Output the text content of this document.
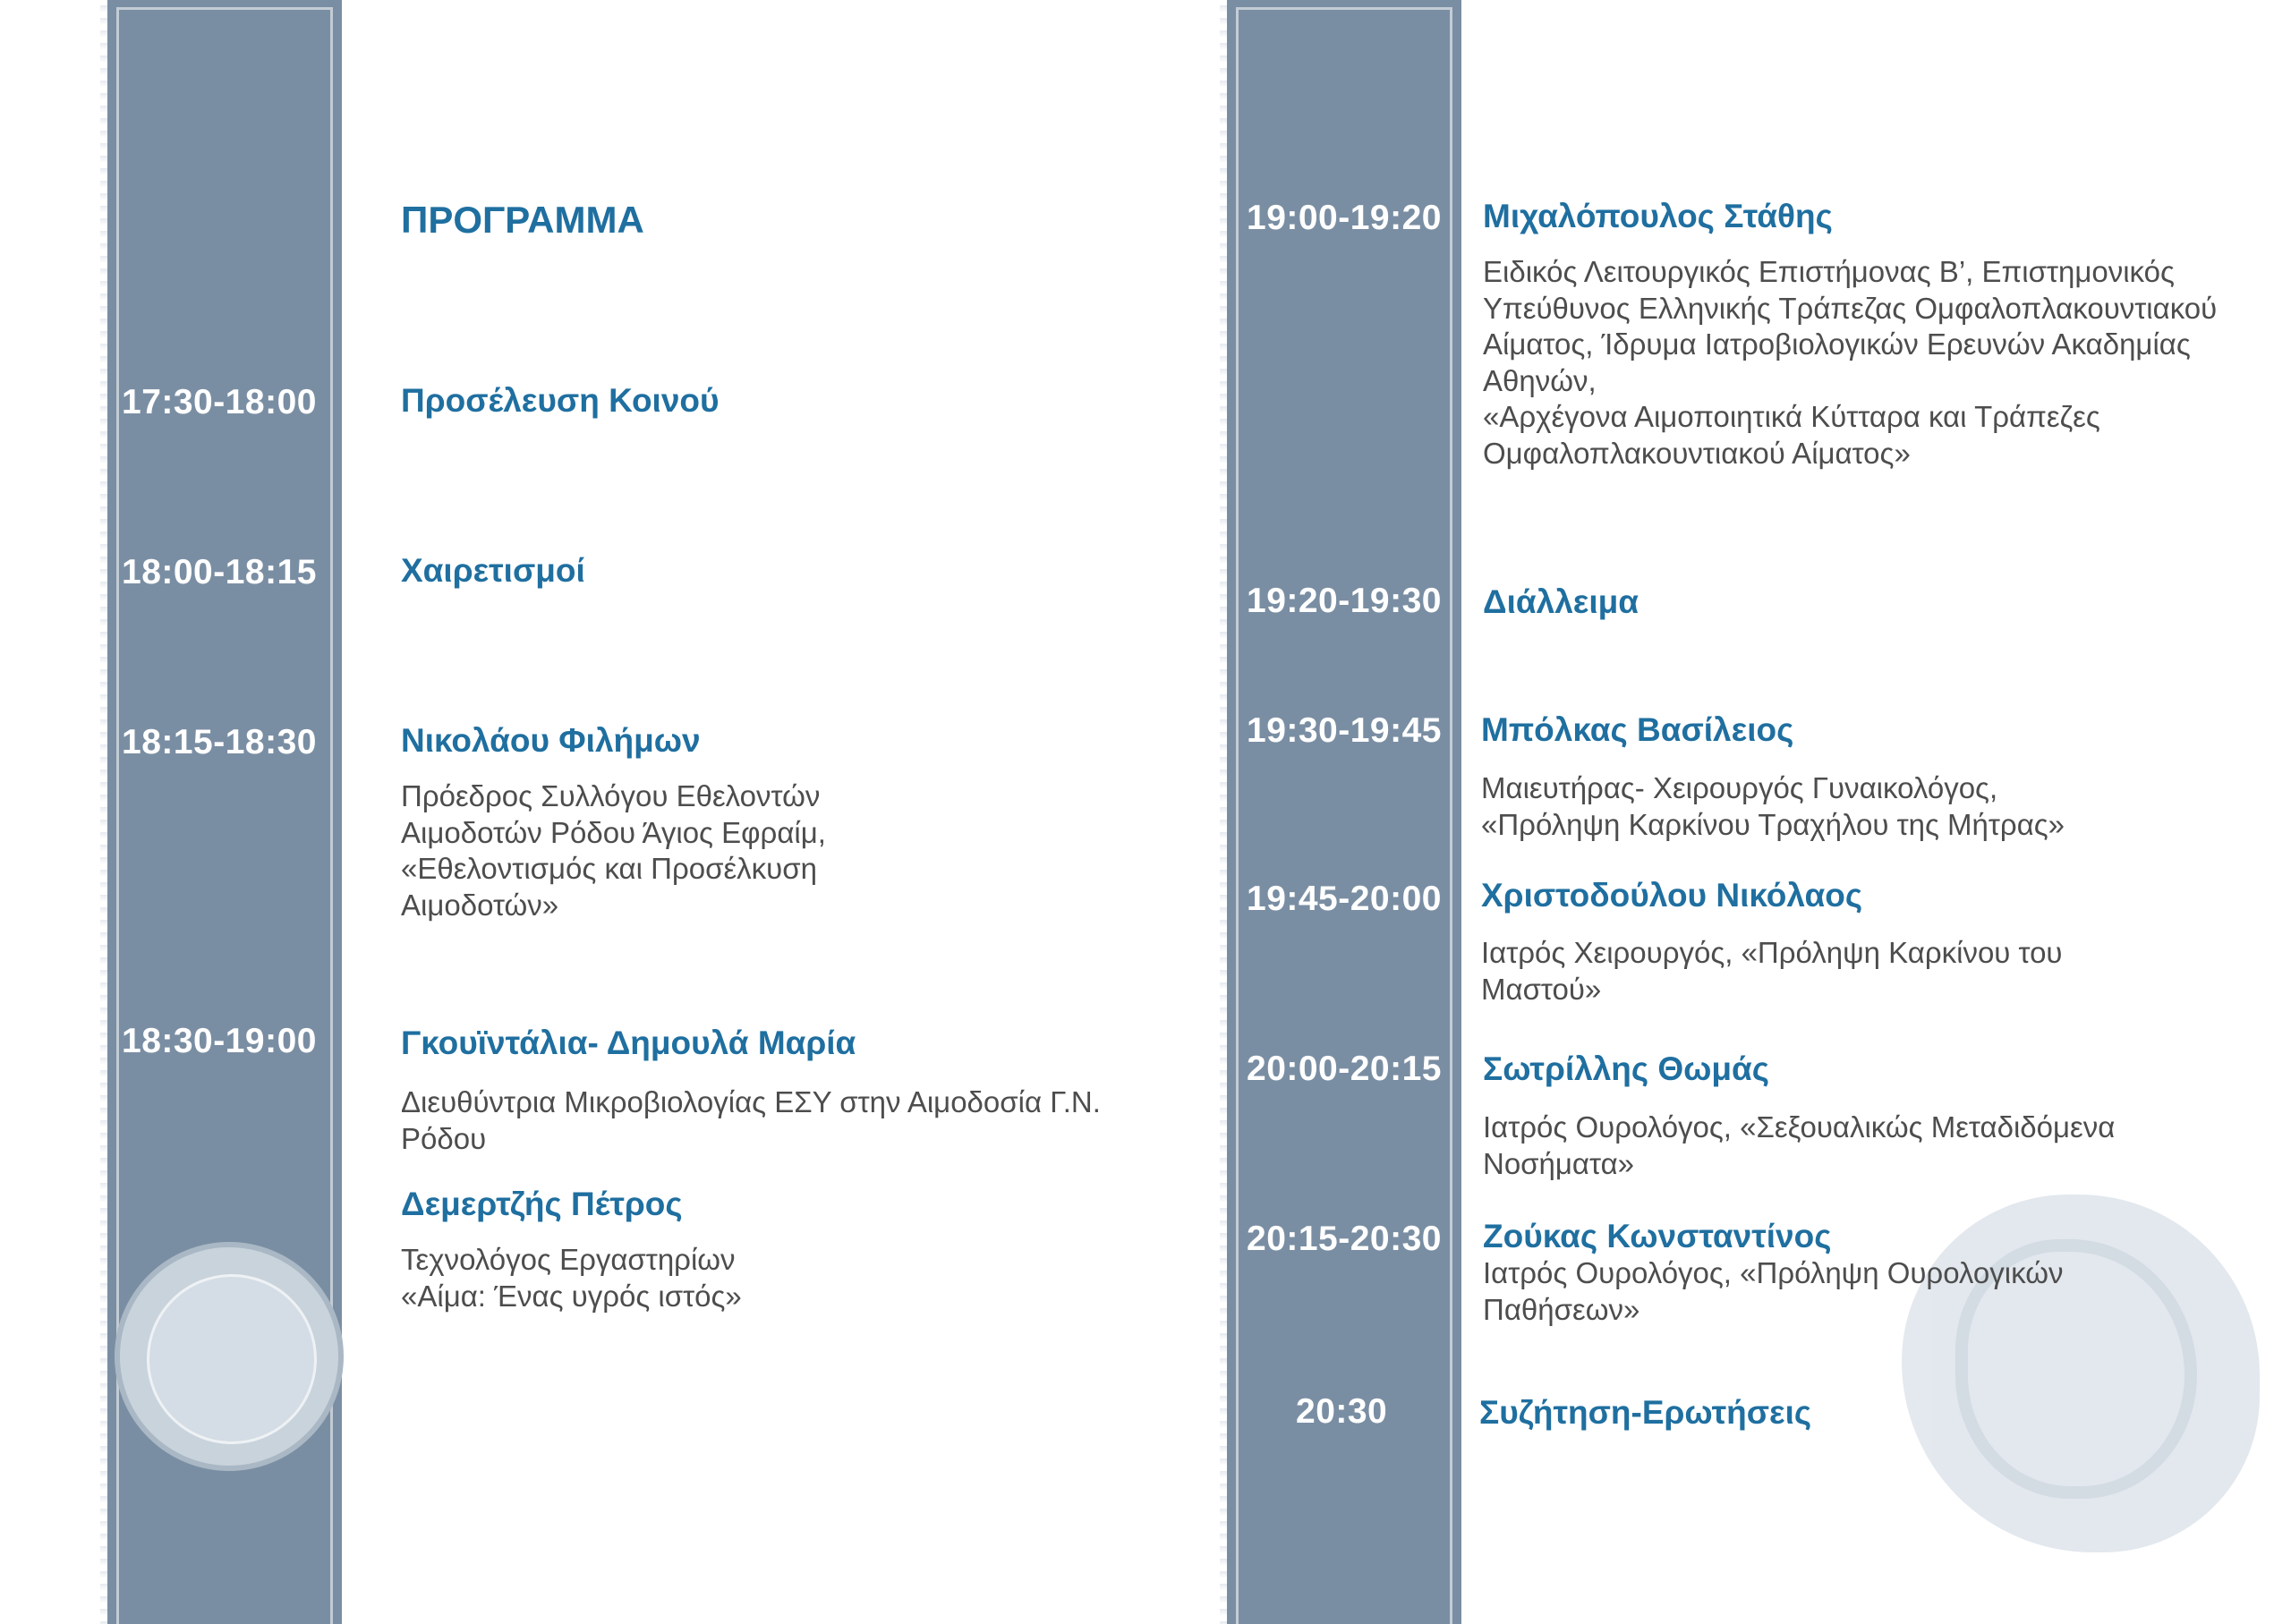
ΠΡΟΓΡΑΜΜΑ
17:30-18:00	Προσέλευση Κοινού
18:00-18:15	Χαιρετισμοί
18:15-18:30	Νικολάου Φιλήμων
Πρόεδρος Συλλόγου Εθελοντών
Αιμοδοτών Ρόδου Άγιος Εφραίμ,
«Εθελοντισμός και Προσέλκυση
Αιμοδοτών»
18:30-19:00	Γκουϊντάλια- Δημουλά Μαρία
Διευθύντρια Μικροβιολογίας ΕΣΥ στην Αιμοδοσία Γ.Ν.
Ρόδου
Δεμερτζής Πέτρος
Τεχνολόγος Εργαστηρίων
«Αίμα: Ένας υγρός ιστός»
19:00-19:20 Μιχαλόπουλος Στάθης
Ειδικός Λειτουργικός Επιστήμονας Β’, Επιστημονικός
Υπεύθυνος Ελληνικής Τράπεζας Ομφαλοπλακουντιακού
Αίματος, Ίδρυμα Ιατροβιολογικών Ερευνών Ακαδημίας
Αθηνών,
«Αρχέγονα Αιμοποιητικά Κύτταρα και Τράπεζες
Ομφαλοπλακουντιακού Αίματος»
19:20-19:30 Διάλλειμα
19:30-19:45 Μπόλκας Βασίλειος
Μαιευτήρας- Χειρουργός Γυναικολόγος,
«Πρόληψη Καρκίνου Τραχήλου της Μήτρας»
19:45-20:00 Χριστοδούλου Νικόλαος
Ιατρός Χειρουργός, «Πρόληψη Καρκίνου του
Μαστού»
20:00-20:15 Σωτρίλλης Θωμάς
Ιατρός Ουρολόγος, «Σεξουαλικώς Μεταδιδόμενα
Νοσήματα»
20:15-20:30 Ζούκας Κωνσταντίνος
Ιατρός Ουρολόγος, «Πρόληψη Ουρολογικών
Παθήσεων»
20:30	Συζήτηση-Ερωτήσεις
